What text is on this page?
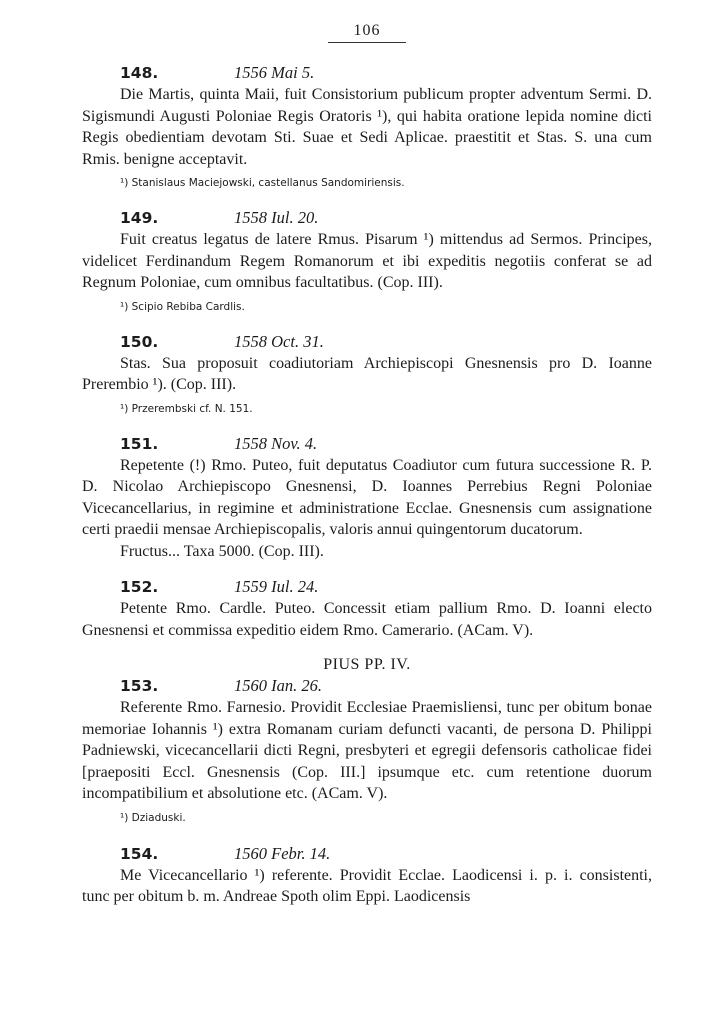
106
148.	1556 Mai 5.

Die Martis, quinta Maii, fuit Consistorium publicum propter adventum Sermi. D. Sigismundi Augusti Poloniae Regis Oratoris ¹), qui habita oratione lepida nomine dicti Regis obedientiam devotam Sti. Suae et Sedi Aplicae. praestitit et Stas. S. una cum Rmis. benigne acceptavit.

¹) Stanislaus Maciejowski, castellanus Sandomiriensis.
149.	1558 Iul. 20.

Fuit creatus legatus de latere Rmus. Pisarum ¹) mittendus ad Sermos. Principes, videlicet Ferdinandum Regem Romanorum et ibi expeditis negotiis conferat se ad Regnum Poloniae, cum omnibus facultatibus. (Cop. III).

¹) Scipio Rebiba Cardlis.
150.	1558 Oct. 31.

Stas. Sua proposuit coadiutoriam Archiepiscopi Gnesnensis pro D. Ioanne Prerembio ¹). (Cop. III).

¹) Przerembski cf. N. 151.
151.	1558 Nov. 4.

Repetente (!) Rmo. Puteo, fuit deputatus Coadiutor cum futura successione R. P. D. Nicolao Archiepiscopo Gnesnensi, D. Ioannes Perrebius Regni Poloniae Vicecancellarius, in regimine et administratione Ecclae. Gnesnensis cum assignatione certi praedii mensae Archiepiscopalis, valoris annui quingentorum ducatorum.

Fructus... Taxa 5000. (Cop. III).

152.	1559 Iul. 24.

Petente Rmo. Cardle. Puteo. Concessit etiam pallium Rmo. D. Ioanni electo Gnesnensi et commissa expeditio eidem Rmo. Camerario. (ACam. V).

PIUS PP. IV.

153.	1560 Ian. 26.

Referente Rmo. Farnesio. Providit Ecclesiae Praemisliensi, tunc per obitum bonae memoriae Iohannis ¹) extra Romanam curiam defuncti vacanti, de persona D. Philippi Padniewski, vicecancellarii dicti Regni, presbyteri et egregii defensoris catholicae fidei [praepositi Eccl. Gnesnensis (Cop. III.] ipsumque etc. cum retentione duorum incompatibilium et absolutione etc. (ACam. V).

¹) Dziaduski.
154.	1560 Febr. 14.

Me Vicecancellario ¹) referente. Providit Ecclae. Laodicensi i. p. i. consistenti, tunc per obitum b. m. Andreae Spoth olim Eppi. Laodicensis
